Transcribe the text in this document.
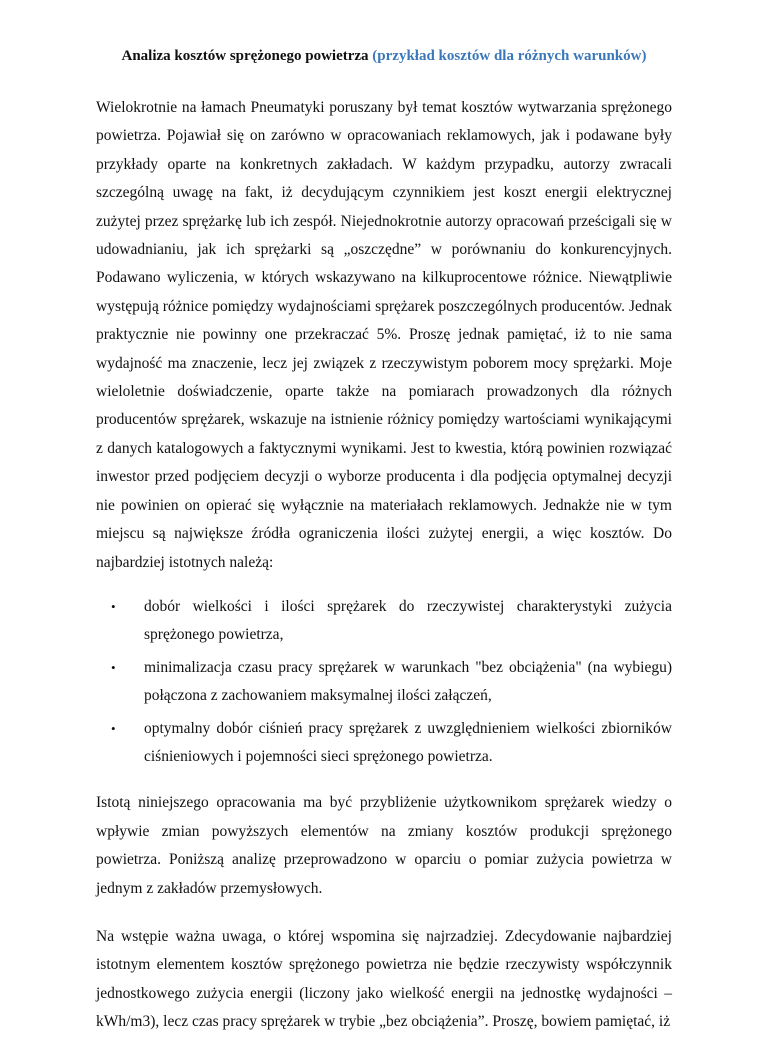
Analiza kosztów sprężonego powietrza (przykład kosztów dla różnych warunków)

Wielokrotnie na łamach Pneumatyki poruszany był temat kosztów wytwarzania sprężonego powietrza. Pojawiał się on zarówno w opracowaniach reklamowych, jak i podawane były przykłady oparte na konkretnych zakładach. W każdym przypadku, autorzy zwracali szczególną uwagę na fakt, iż decydującym czynnikiem jest koszt energii elektrycznej zużytej przez sprężarkę lub ich zespół. Niejednokrotnie autorzy opracowań prześcigali się w udowadnianiu, jak ich sprężarki są „oszczędne” w porównaniu do konkurencyjnych. Podawano wyliczenia, w których wskazywano na kilkuprocentowe różnice. Niewątpliwie występują różnice pomiędzy wydajnościami sprężarek poszczególnych producentów. Jednak praktycznie nie powinny one przekraczać 5%. Proszę jednak pamiętać, iż to nie sama wydajność ma znaczenie, lecz jej związek z rzeczywistym poborem mocy sprężarki. Moje wieloletnie doświadczenie, oparte także na pomiarach prowadzonych dla różnych producentów sprężarek, wskazuje na istnienie różnicy pomiędzy wartościami wynikającymi z danych katalogowych a faktycznymi wynikami. Jest to kwestia, którą powinien rozwiązać inwestor przed podjęciem decyzji o wyborze producenta i dla podjęcia optymalnej decyzji nie powinien on opierać się wyłącznie na materiałach reklamowych. Jednakże nie w tym miejscu są największe źródła ograniczenia ilości zużytej energii, a więc kosztów. Do najbardziej istotnych należą:

• dobór wielkości i ilości sprężarek do rzeczywistej charakterystyki zużycia sprężonego powietrza,
• minimalizacja czasu pracy sprężarek w warunkach "bez obciążenia" (na wybiegu) połączona z zachowaniem maksymalnej ilości załączeń,
• optymalny dobór ciśnień pracy sprężarek z uwzględnieniem wielkości zbiorników ciśnieniowych i pojemności sieci sprężonego powietrza.

Istotą niniejszego opracowania ma być przybliżenie użytkownikom sprężarek wiedzy o wpływie zmian powyższych elementów na zmiany kosztów produkcji sprężonego powietrza. Poniższą analizę przeprowadzono w oparciu o pomiar zużycia powietrza w jednym z zakładów przemysłowych.

Na wstępie ważna uwaga, o której wspomina się najrzadziej. Zdecydowanie najbardziej istotnym elementem kosztów sprężonego powietrza nie będzie rzeczywisty współczynnik jednostkowego zużycia energii (liczony jako wielkość energii na jednostkę wydajności – kWh/m3), lecz czas pracy sprężarek w trybie „bez obciążenia”. Proszę, bowiem pamiętać, iż
